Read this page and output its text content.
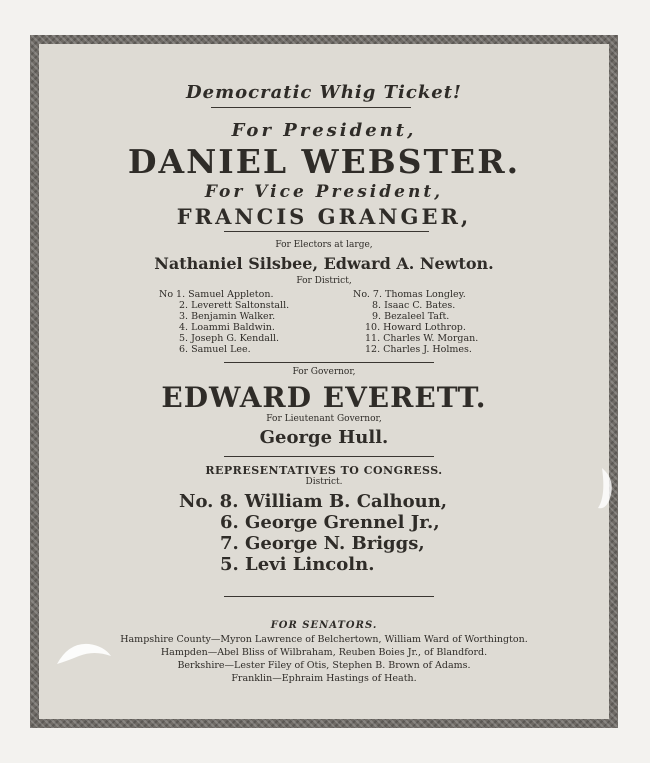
Democratic Whig Ticket!
For President,
DANIEL WEBSTER.
For Vice President,
FRANCIS GRANGER,
For Electors at large,
Nathaniel Silsbee, Edward A. Newton.
For District,
No 1. Samuel Appleton.
2. Leverett Saltonstall.
3. Benjamin Walker.
4. Loammi Baldwin.
5. Joseph G. Kendall.
6. Samuel Lee.
No. 7. Thomas Longley.
8. Isaac C. Bates.
9. Bezaleel Taft.
10. Howard Lothrop.
11. Charles W. Morgan.
12. Charles J. Holmes.
For Governor,
EDWARD EVERETT.
For Lieutenant Governor,
George Hull.
REPRESENTATIVES TO CONGRESS.
District.
No. 8. William B. Calhoun,
6. George Grennel Jr.,
7. George N. Briggs,
5. Levi Lincoln.
FOR SENATORS.
Hampshire County—Myron Lawrence of Belchertown, William Ward of Worthington.
Hampden—Abel Bliss of Wilbraham, Reuben Boies Jr., of Blandford.
Berkshire—Lester Filey of Otis, Stephen B. Brown of Adams.
Franklin—Ephraim Hastings of Heath.
